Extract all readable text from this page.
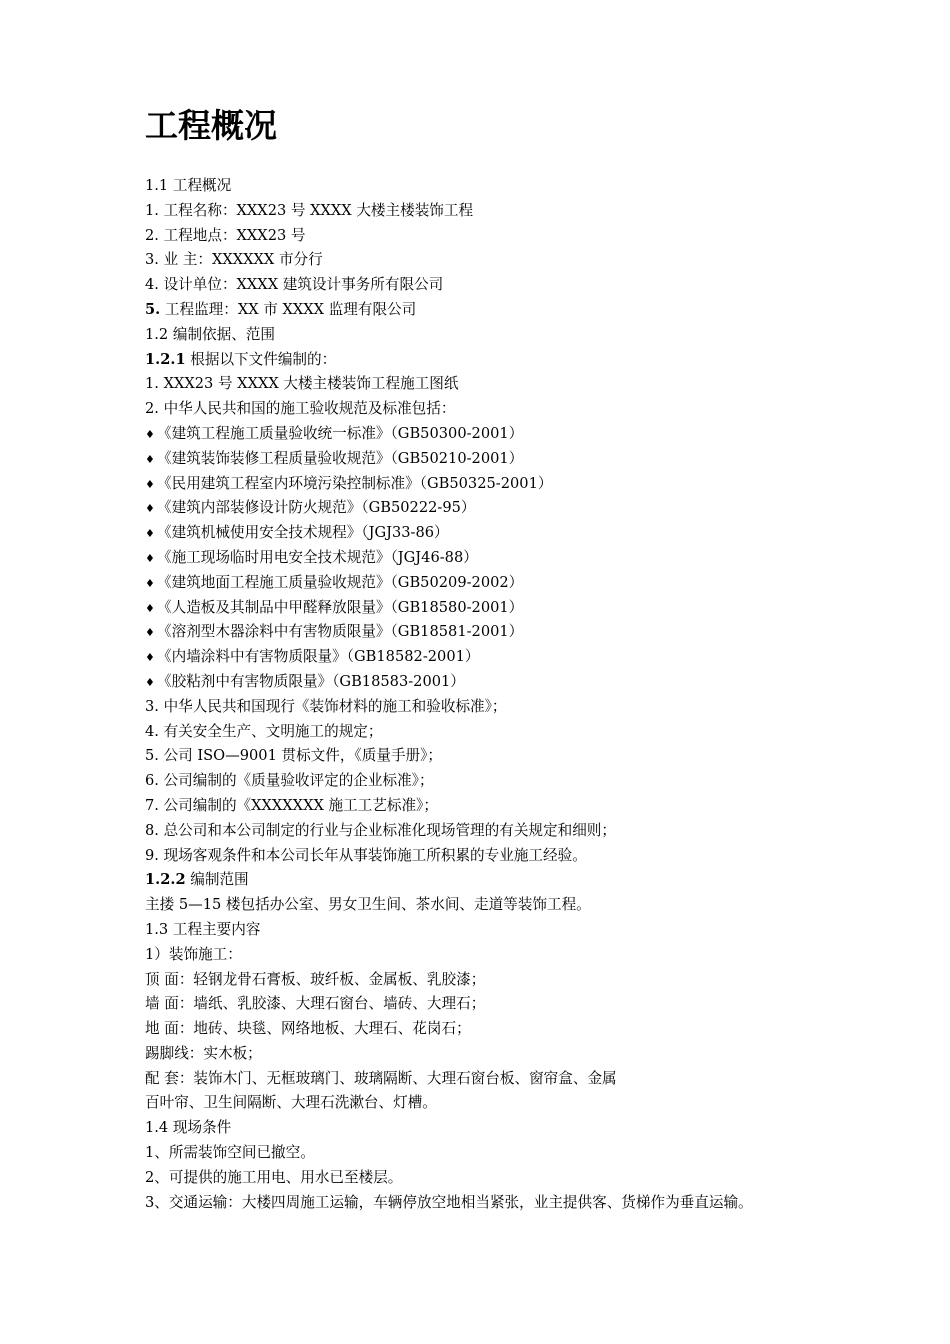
工程概况
1.1 工程概况
1. 工程名称：XXX23 号 XXXX 大楼主楼装饰工程
2. 工程地点：XXX23 号
3. 业 主：XXXXXX 市分行
4. 设计单位：XXXX 建筑设计事务所有限公司
5. 工程监理：XX 市 XXXX 监理有限公司
1.2 编制依据、范围
1.2.1 根据以下文件编制的：
1. XXX23 号 XXXX 大楼主楼装饰工程施工图纸
2. 中华人民共和国的施工验收规范及标准包括：
♦ 《建筑工程施工质量验收统一标准》（GB50300-2001）
♦ 《建筑装饰装修工程质量验收规范》（GB50210-2001）
♦ 《民用建筑工程室内环境污染控制标准》（GB50325-2001）
♦ 《建筑内部装修设计防火规范》（GB50222-95）
♦ 《建筑机械使用安全技术规程》（JGJ33-86）
♦ 《施工现场临时用电安全技术规范》（JGJ46-88）
♦ 《建筑地面工程施工质量验收规范》（GB50209-2002）
♦ 《人造板及其制品中甲醛释放限量》（GB18580-2001）
♦ 《溶剂型木器涂料中有害物质限量》（GB18581-2001）
♦ 《内墙涂料中有害物质限量》（GB18582-2001）
♦ 《胶粘剂中有害物质限量》（GB18583-2001）
3. 中华人民共和国现行《装饰材料的施工和验收标准》；
4. 有关安全生产、文明施工的规定；
5. 公司 ISO—9001 贯标文件，《质量手册》；
6. 公司编制的《质量验收评定的企业标准》；
7. 公司编制的《XXXXXXX 施工工艺标准》；
8. 总公司和本公司制定的行业与企业标准化现场管理的有关规定和细则；
9. 现场客观条件和本公司长年从事装饰施工所积累的专业施工经验。
1.2.2 编制范围
主搂 5—15 楼包括办公室、男女卫生间、茶水间、走道等装饰工程。
1.3 工程主要内容
1）装饰施工：
顶 面：轻钢龙骨石膏板、玻纤板、金属板、乳胶漆；
墙 面：墙纸、乳胶漆、大理石窗台、墙砖、大理石；
地 面：地砖、块毯、网络地板、大理石、花岗石；
踢脚线：实木板；
配 套：装饰木门、无框玻璃门、玻璃隔断、大理石窗台板、窗帘盒、金属
百叶帘、卫生间隔断、大理石洗漱台、灯槽。
1.4 现场条件
1、所需装饰空间已撤空。
2、可提供的施工用电、用水已至楼层。
3、交通运输：大楼四周施工运输，车辆停放空地相当紧张，业主提供客、货梯作为垂直运输。
